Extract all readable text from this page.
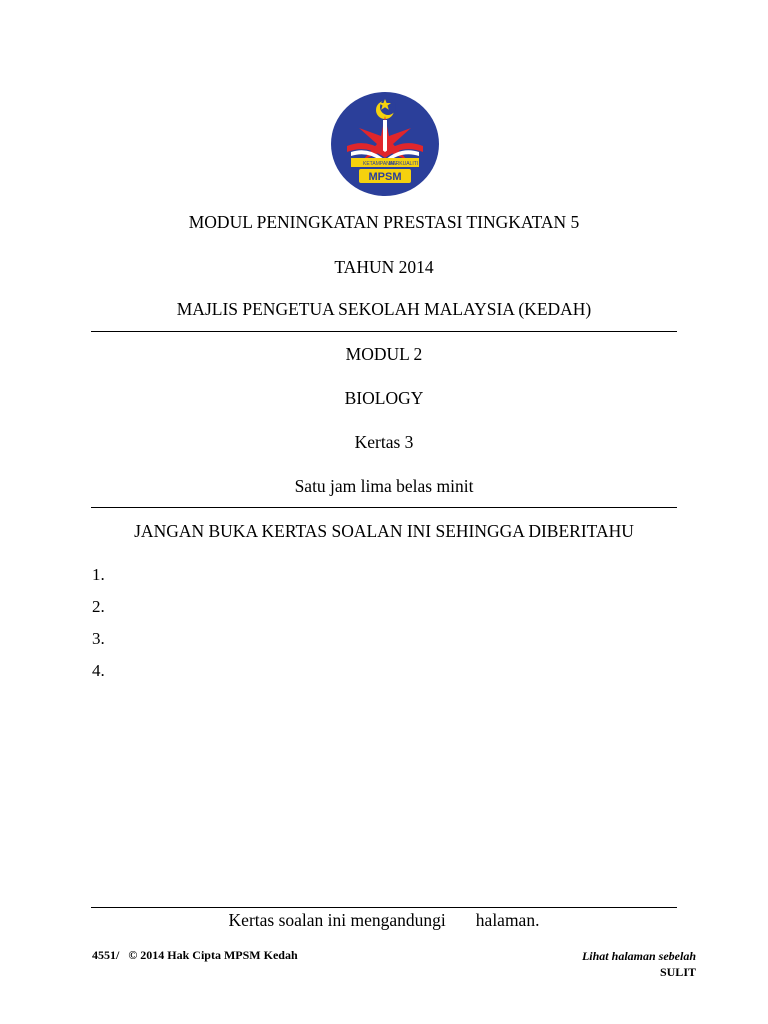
KETAMPANAN
BERKUALITI
MPSM
MODUL PENINGKATAN PRESTASI TINGKATAN 5
TAHUN 2014
MAJLIS PENGETUA SEKOLAH MALAYSIA (KEDAH)
MODUL 2
BIOLOGY
Kertas 3
Satu jam lima belas minit
JANGAN BUKA KERTAS SOALAN INI SEHINGGA DIBERITAHU
1.
2.
3.
4.
Kertas soalan ini mengandungi halaman.
4551/   © 2014 Hak Cipta MPSM Kedah	Lihat halaman sebelah
SULIT
